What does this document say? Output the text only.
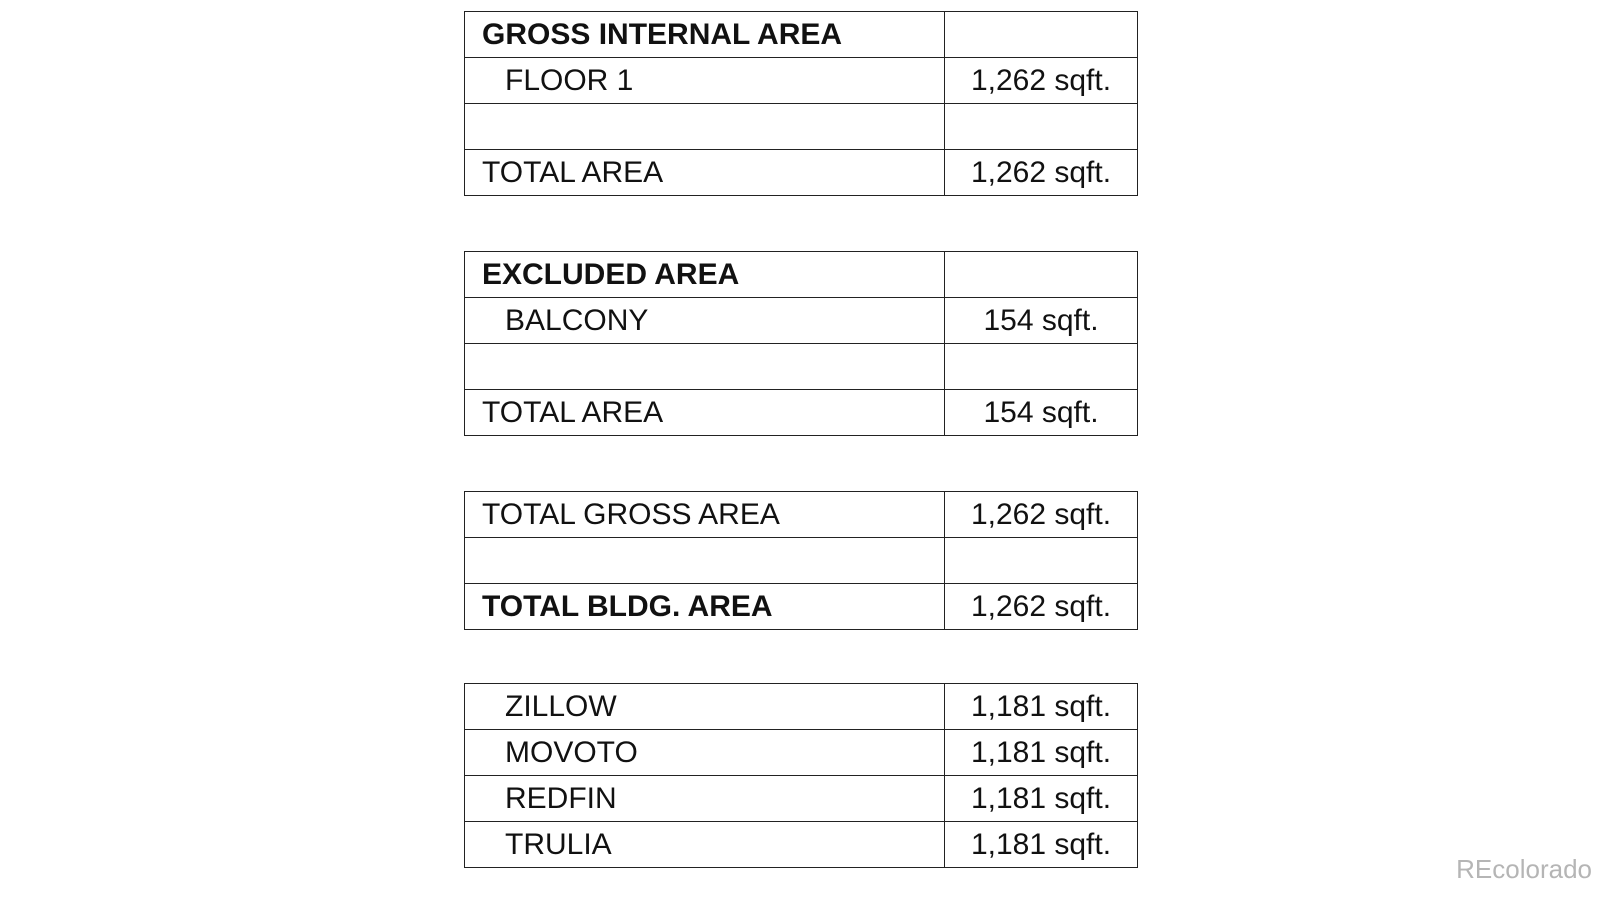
GROSS INTERNAL AREA	
FLOOR 1	1,262 sqft.

TOTAL AREA	1,262 sqft.
EXCLUDED AREA	
BALCONY	154 sqft.

TOTAL AREA	154 sqft.
TOTAL GROSS AREA	1,262 sqft.

TOTAL BLDG. AREA	1,262 sqft.
ZILLOW	1,181 sqft.
MOVOTO	1,181 sqft.
REDFIN	1,181 sqft.
TRULIA	1,181 sqft.
REcolorado
